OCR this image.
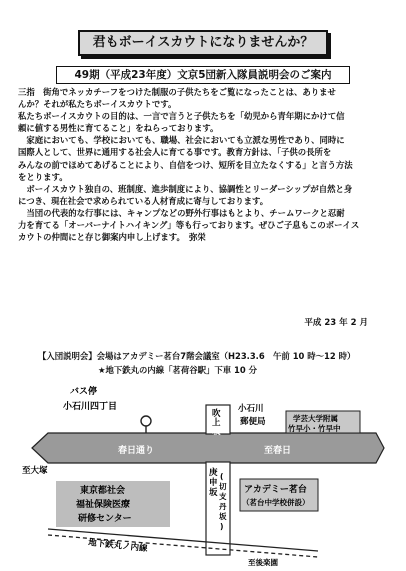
君もボーイスカウトになりませんか？
49期（平成23年度）文京5団新入隊員説明会のご案内
三指　街角でネッカチーフをつけた制服の子供たちをご覧になったことは、ありませ
んか？それが私たちボーイスカウトです。
私たちボーイスカウトの目的は、一言で言うと子供たちを「幼児から青年期にかけて信
頼に値する男性に育てること」をねらっております。
　家庭においても、学校においても、職場、社会においても立派な男性であり、同時に
国際人として、世界に通用する社会人に育てる事です。教育方針は、「子供の長所を
みんなの前でほめてあげることにより、自信をつけ、短所を目立たなくする」と言う方法
をとります。
　ボーイスカウト独自の、班制度、進歩制度により、協調性とリーダーシップが自然と身
につき、現在社会で求められている人材育成に寄与しております。
　当団の代表的な行事には、キャンプなどの野外行事はもとより、チームワークと忍耐
力を育てる「オーバーナイトハイキング」等も行っております。ぜひご子息もこのボーイス
カウトの仲間にと存じ御案内申し上げます。　弥栄
平成 23 年 2 月
【入団説明会】会場はアカデミー茗台7階会議室（H23.3.6　午前 10 時～12 時）
★地下鉄丸の内線「茗荷谷駅」下車 10 分
春日通り	至春日
吹
上
坂
庚
申
坂
(
切
支
丹
坂
)
バス停
小石川四丁目	小石川
郵便局	学芸大学附属
竹早小・竹早中
至大塚
東京都社会
福祉保険医療
研修センター
アカデミー茗台
（茗台中学校併設）
地下鉄丸ノ内線
至後楽園
